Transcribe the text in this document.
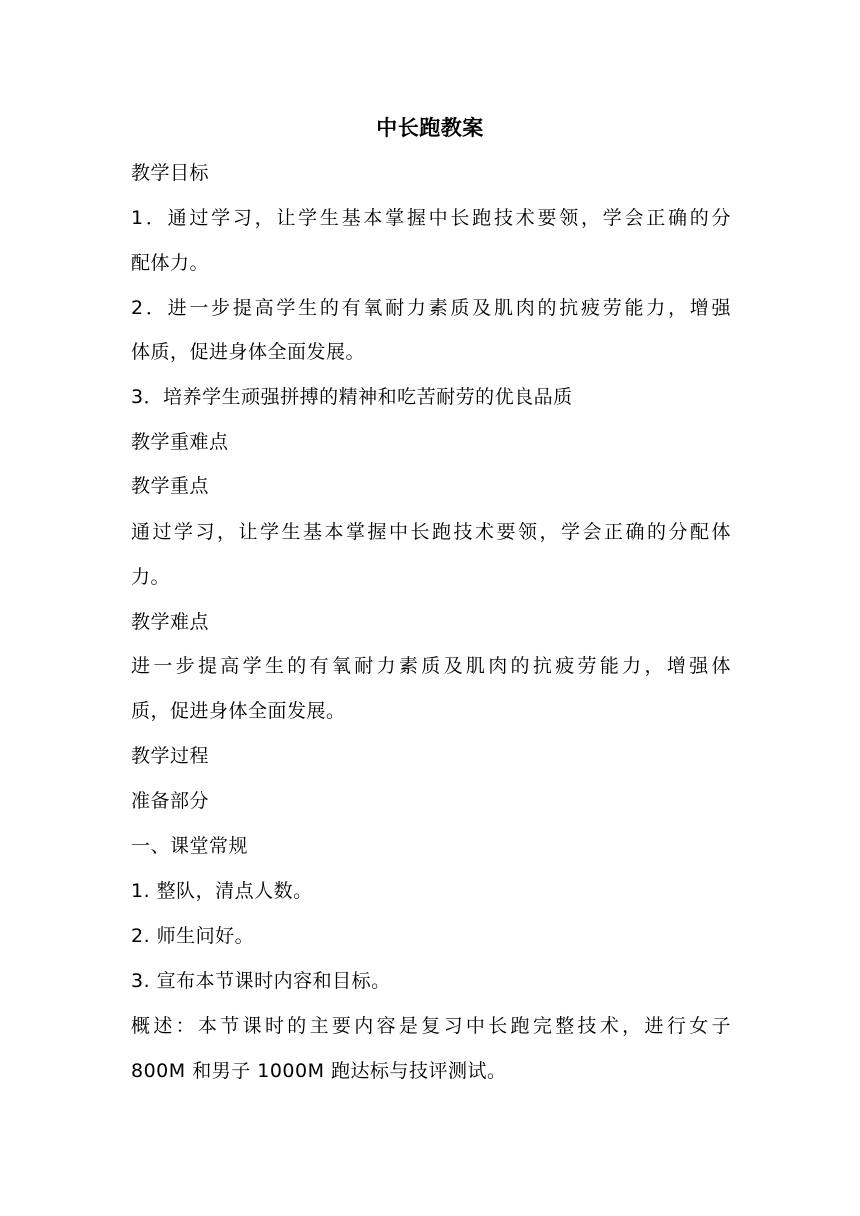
中长跑教案
教学目标
1．通过学习，让学生基本掌握中长跑技术要领，学会正确的分
配体力。
2．进一步提高学生的有氧耐力素质及肌肉的抗疲劳能力，增强
体质，促进身体全面发展。
3．培养学生顽强拼搏的精神和吃苦耐劳的优良品质
教学重难点
教学重点
通过学习，让学生基本掌握中长跑技术要领，学会正确的分配体
力。
教学难点
进一步提高学生的有氧耐力素质及肌肉的抗疲劳能力，增强体
质，促进身体全面发展。
教学过程
准备部分
一、课堂常规
1. 整队，清点人数。
2. 师生问好。
3. 宣布本节课时内容和目标。
概述：本节课时的主要内容是复习中长跑完整技术，进行女子
800M 和男子 1000M 跑达标与技评测试。
